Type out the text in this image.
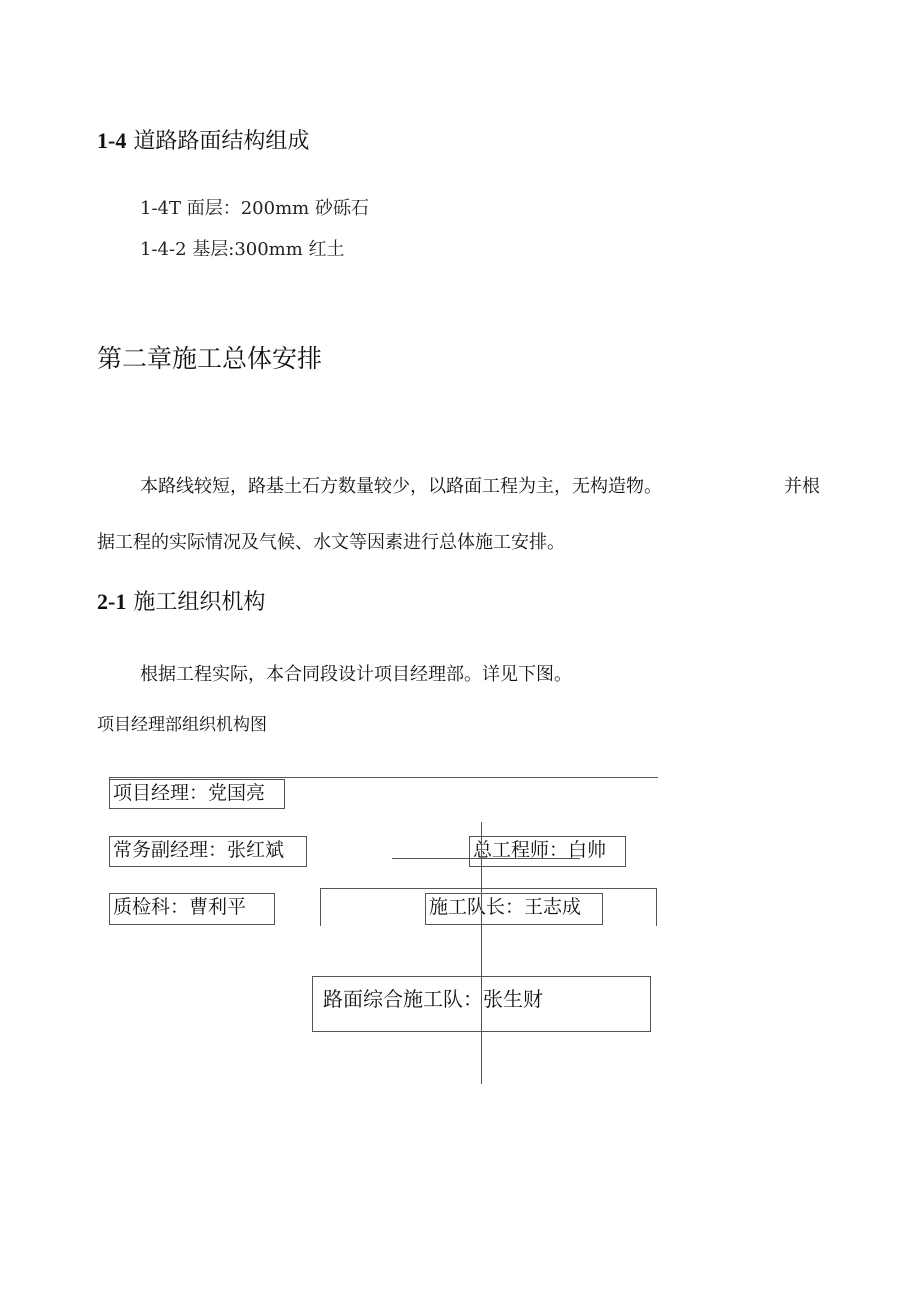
1-4 道路路面结构组成
1-4T 面层：200mm 砂砾石
1-4-2 基层:300mm 红土
第二章施工总体安排
本路线较短，路基土石方数量较少，以路面工程为主，无构造物。	并根
据工程的实际情况及气候、水文等因素进行总体施工安排。
2-1 施工组织机构
根据工程实际，本合同段设计项目经理部。详见下图。
项目经理部组织机构图
项目经理：党国亮
常务副经理：张红斌	总工程师：白帅
质检科：曹利平	施工队长：王志成
路面综合施工队：张生财
